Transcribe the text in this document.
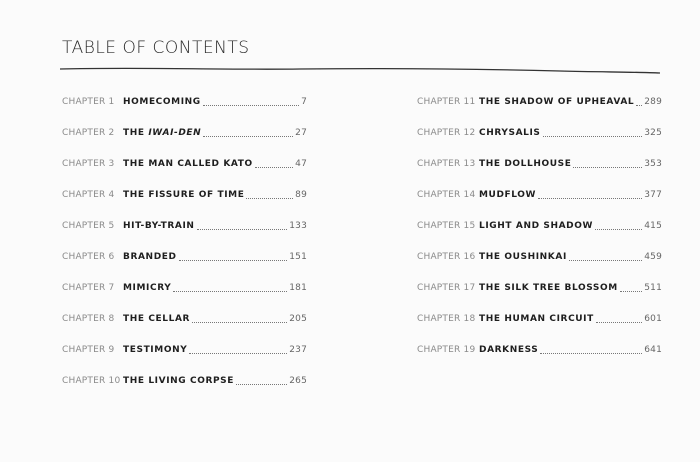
TABLE OF CONTENTS
CHAPTER 1 HOMECOMING	7
CHAPTER 2 THE IWAI-DEN	27
CHAPTER 3 THE MAN CALLED KATO	47
CHAPTER 4 THE FISSURE OF TIME	89
CHAPTER 5 HIT-BY-TRAIN	133
CHAPTER 6 BRANDED	151
CHAPTER 7 MIMICRY	181
CHAPTER 8 THE CELLAR	205
CHAPTER 9 TESTIMONY	237
CHAPTER 10 THE LIVING CORPSE	265
CHAPTER 11 THE SHADOW OF UPHEAVAL 289
CHAPTER 12 CHRYSALIS	325
CHAPTER 13 THE DOLLHOUSE	353
CHAPTER 14 MUDFLOW	377
CHAPTER 15 LIGHT AND SHADOW	415
CHAPTER 16 THE OUSHINKAI	459
CHAPTER 17 THE SILK TREE BLOSSOM	511
CHAPTER 18 THE HUMAN CIRCUIT	601
CHAPTER 19 DARKNESS	641
